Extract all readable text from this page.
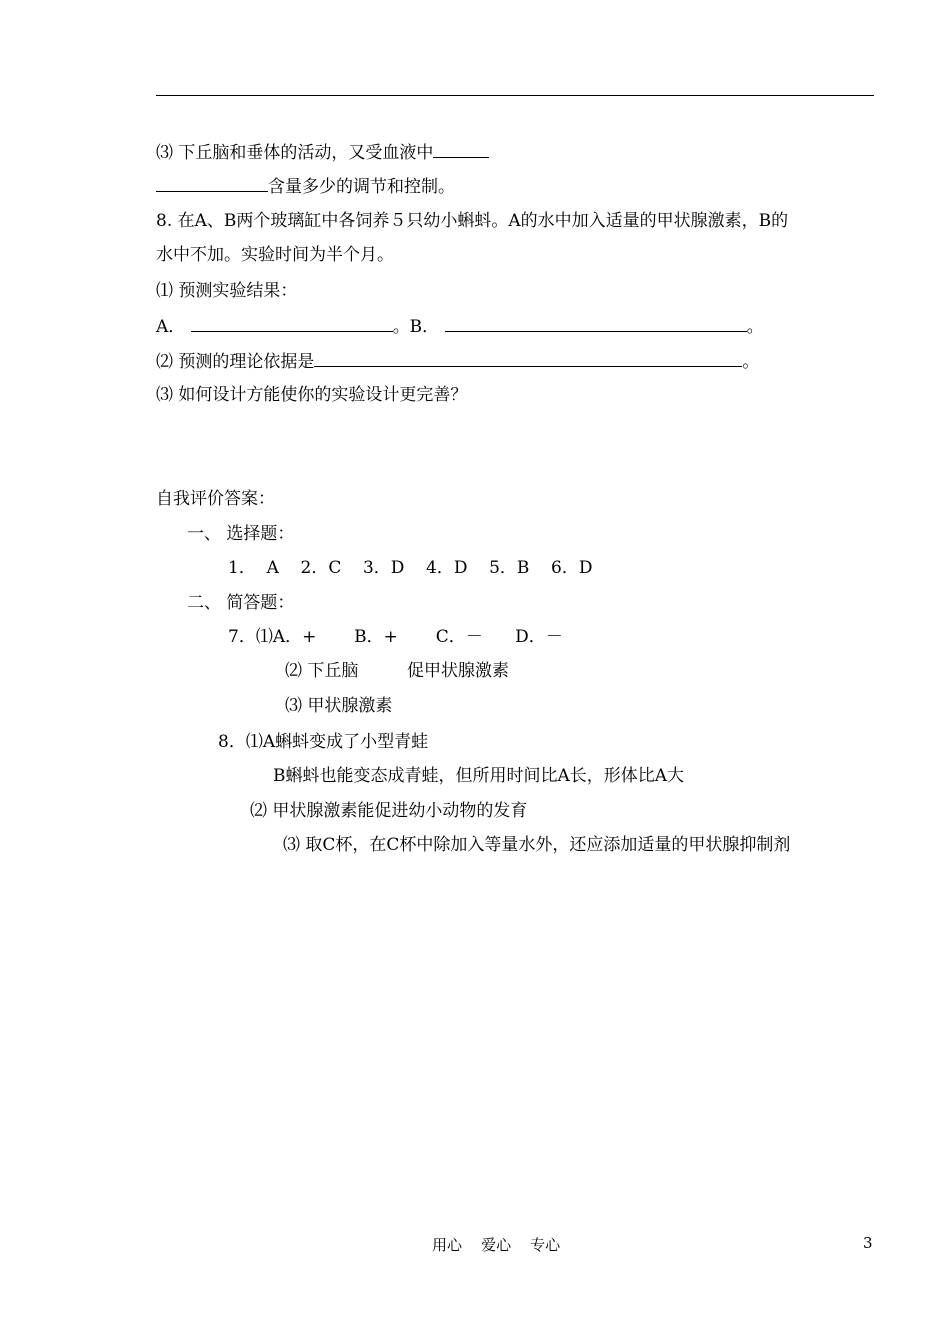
⑶ 下丘脑和垂体的活动，又受血液中
含量多少的调节和控制。
8. 在A、B两个玻璃缸中各饲养５只幼小蝌蚪。A的水中加入适量的甲状腺激素，B的
水中不加。实验时间为半个月。
⑴ 预测实验结果：
A．	。B．	。
⑵ 预测的理论依据是	。
⑶ 如何设计方能使你的实验设计更完善？
自我评价答案：
一、 选择题：
1．  A    2．C    3．D    4．D    5．B    6．D
二、 简答题：
7．⑴A．+       B．+       C．－      D．－
⑵ 下丘脑         促甲状腺激素
⑶ 甲状腺激素
8．⑴A蝌蚪变成了小型青蛙
B蝌蚪也能变态成青蛙，但所用时间比A长，形体比A大
⑵ 甲状腺激素能促进幼小动物的发育
⑶ 取C杯，在C杯中除加入等量水外，还应添加适量的甲状腺抑制剂
用心    爱心    专心	3
